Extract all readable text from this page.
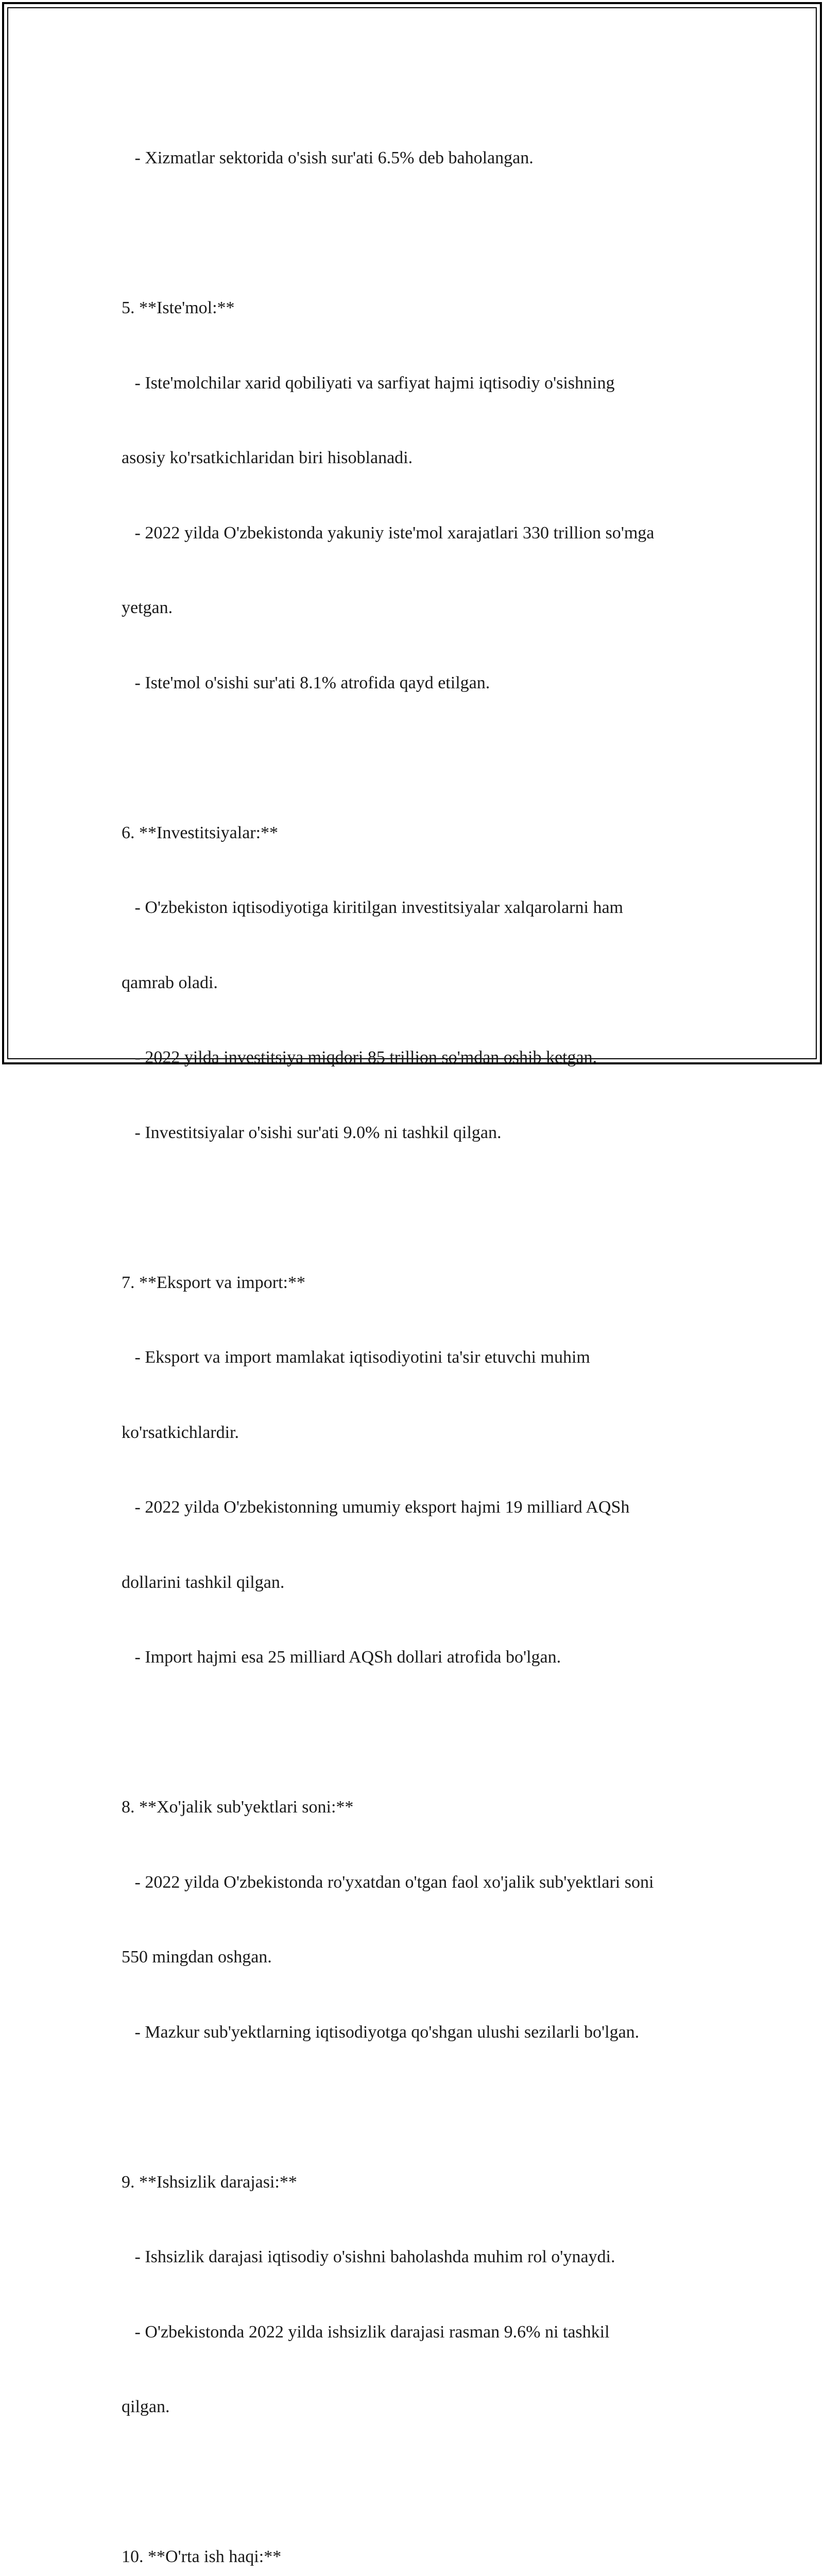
- Xizmatlar sektorida o'sish sur'ati 6.5% deb baholangan.

5. **Iste'mol:**

- Iste'molchilar xarid qobiliyati va sarfiyat hajmi iqtisodiy o'sishning

asosiy ko'rsatkichlaridan biri hisoblanadi.

- 2022 yilda O'zbekistonda yakuniy iste'mol xarajatlari 330 trillion so'mga

yetgan.

- Iste'mol o'sishi sur'ati 8.1% atrofida qayd etilgan.

6. **Investitsiyalar:**

- O'zbekiston iqtisodiyotiga kiritilgan investitsiyalar xalqarolarni ham

qamrab oladi.

- 2022 yilda investitsiya miqdori 85 trillion so'mdan oshib ketgan.

- Investitsiyalar o'sishi sur'ati 9.0% ni tashkil qilgan.

7. **Eksport va import:**

- Eksport va import mamlakat iqtisodiyotini ta'sir etuvchi muhim

ko'rsatkichlardir.

- 2022 yilda O'zbekistonning umumiy eksport hajmi 19 milliard AQSh

dollarini tashkil qilgan.

- Import hajmi esa 25 milliard AQSh dollari atrofida bo'lgan.

8. **Xo'jalik sub'yektlari soni:**

- 2022 yilda O'zbekistonda ro'yxatdan o'tgan faol xo'jalik sub'yektlari soni

550 mingdan oshgan.

- Mazkur sub'yektlarning iqtisodiyotga qo'shgan ulushi sezilarli bo'lgan.

9. **Ishsizlik darajasi:**

- Ishsizlik darajasi iqtisodiy o'sishni baholashda muhim rol o'ynaydi.

- O'zbekistonda 2022 yilda ishsizlik darajasi rasman 9.6% ni tashkil

qilgan.

10. **O'rta ish haqi:**
